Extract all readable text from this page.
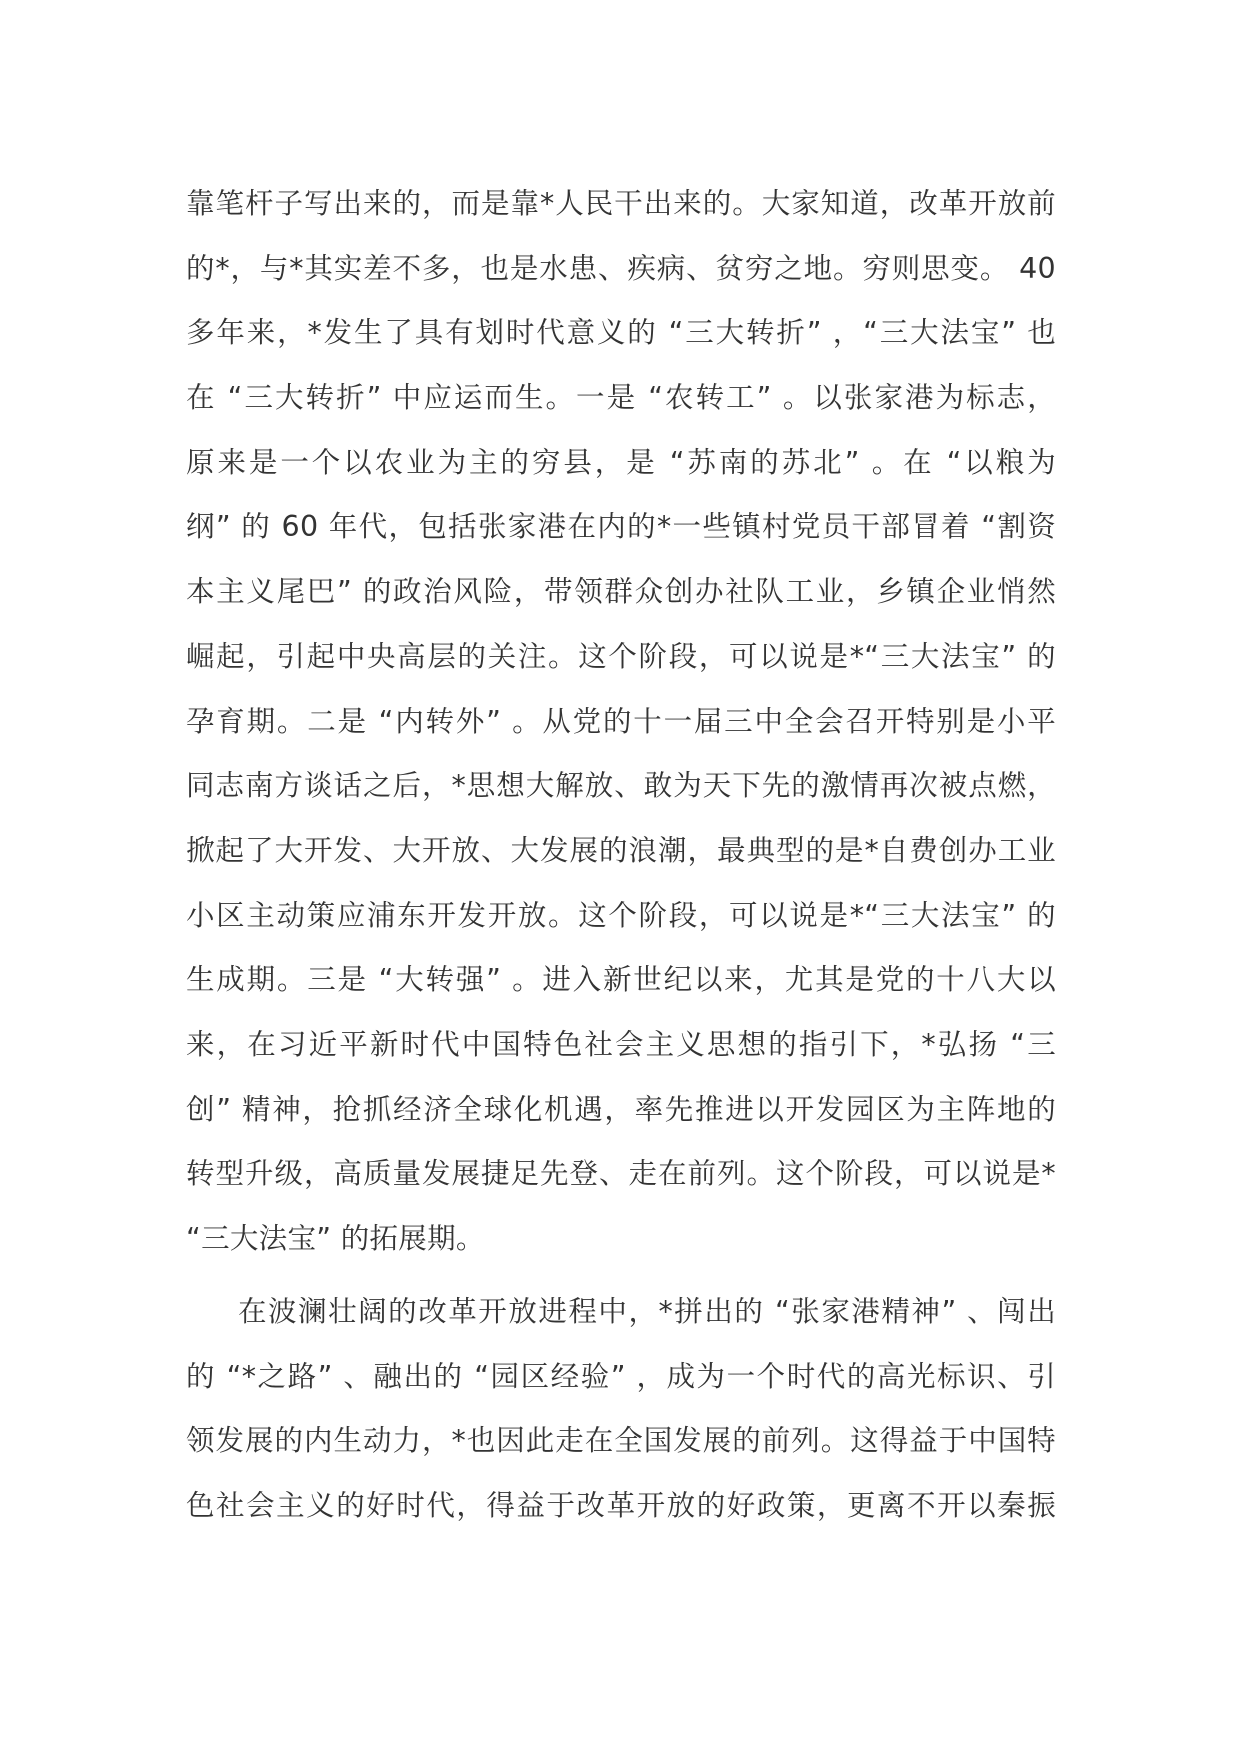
靠笔杆子写出来的，而是靠*人民干出来的。大家知道，改革开放前
的*，与*其实差不多，也是水患、疾病、贫穷之地。穷则思变。 40
多年来，*发生了具有划时代意义的 “三大转折” ，“三大法宝” 也
在 “三大转折” 中应运而生。一是 “农转工” 。以张家港为标志，
原来是一个以农业为主的穷县，是 “苏南的苏北” 。在 “以粮为
纲” 的 60 年代，包括张家港在内的*一些镇村党员干部冒着 “割资
本主义尾巴” 的政治风险，带领群众创办社队工业，乡镇企业悄然
崛起，引起中央高层的关注。这个阶段，可以说是*“三大法宝” 的
孕育期。二是 “内转外” 。从党的十一届三中全会召开特别是小平
同志南方谈话之后，*思想大解放、敢为天下先的激情再次被点燃，
掀起了大开发、大开放、大发展的浪潮，最典型的是*自费创办工业
小区主动策应浦东开发开放。这个阶段，可以说是*“三大法宝” 的
生成期。三是 “大转强” 。进入新世纪以来，尤其是党的十八大以
来，在习近平新时代中国特色社会主义思想的指引下，*弘扬 “三
创” 精神，抢抓经济全球化机遇，率先推进以开发园区为主阵地的
转型升级，高质量发展捷足先登、走在前列。这个阶段，可以说是*
“三大法宝” 的拓展期。
在波澜壮阔的改革开放进程中，*拼出的 “张家港精神” 、闯出
的 “*之路” 、融出的 “园区经验” ，成为一个时代的高光标识、引
领发展的内生动力，*也因此走在全国发展的前列。这得益于中国特
色社会主义的好时代，得益于改革开放的好政策，更离不开以秦振
